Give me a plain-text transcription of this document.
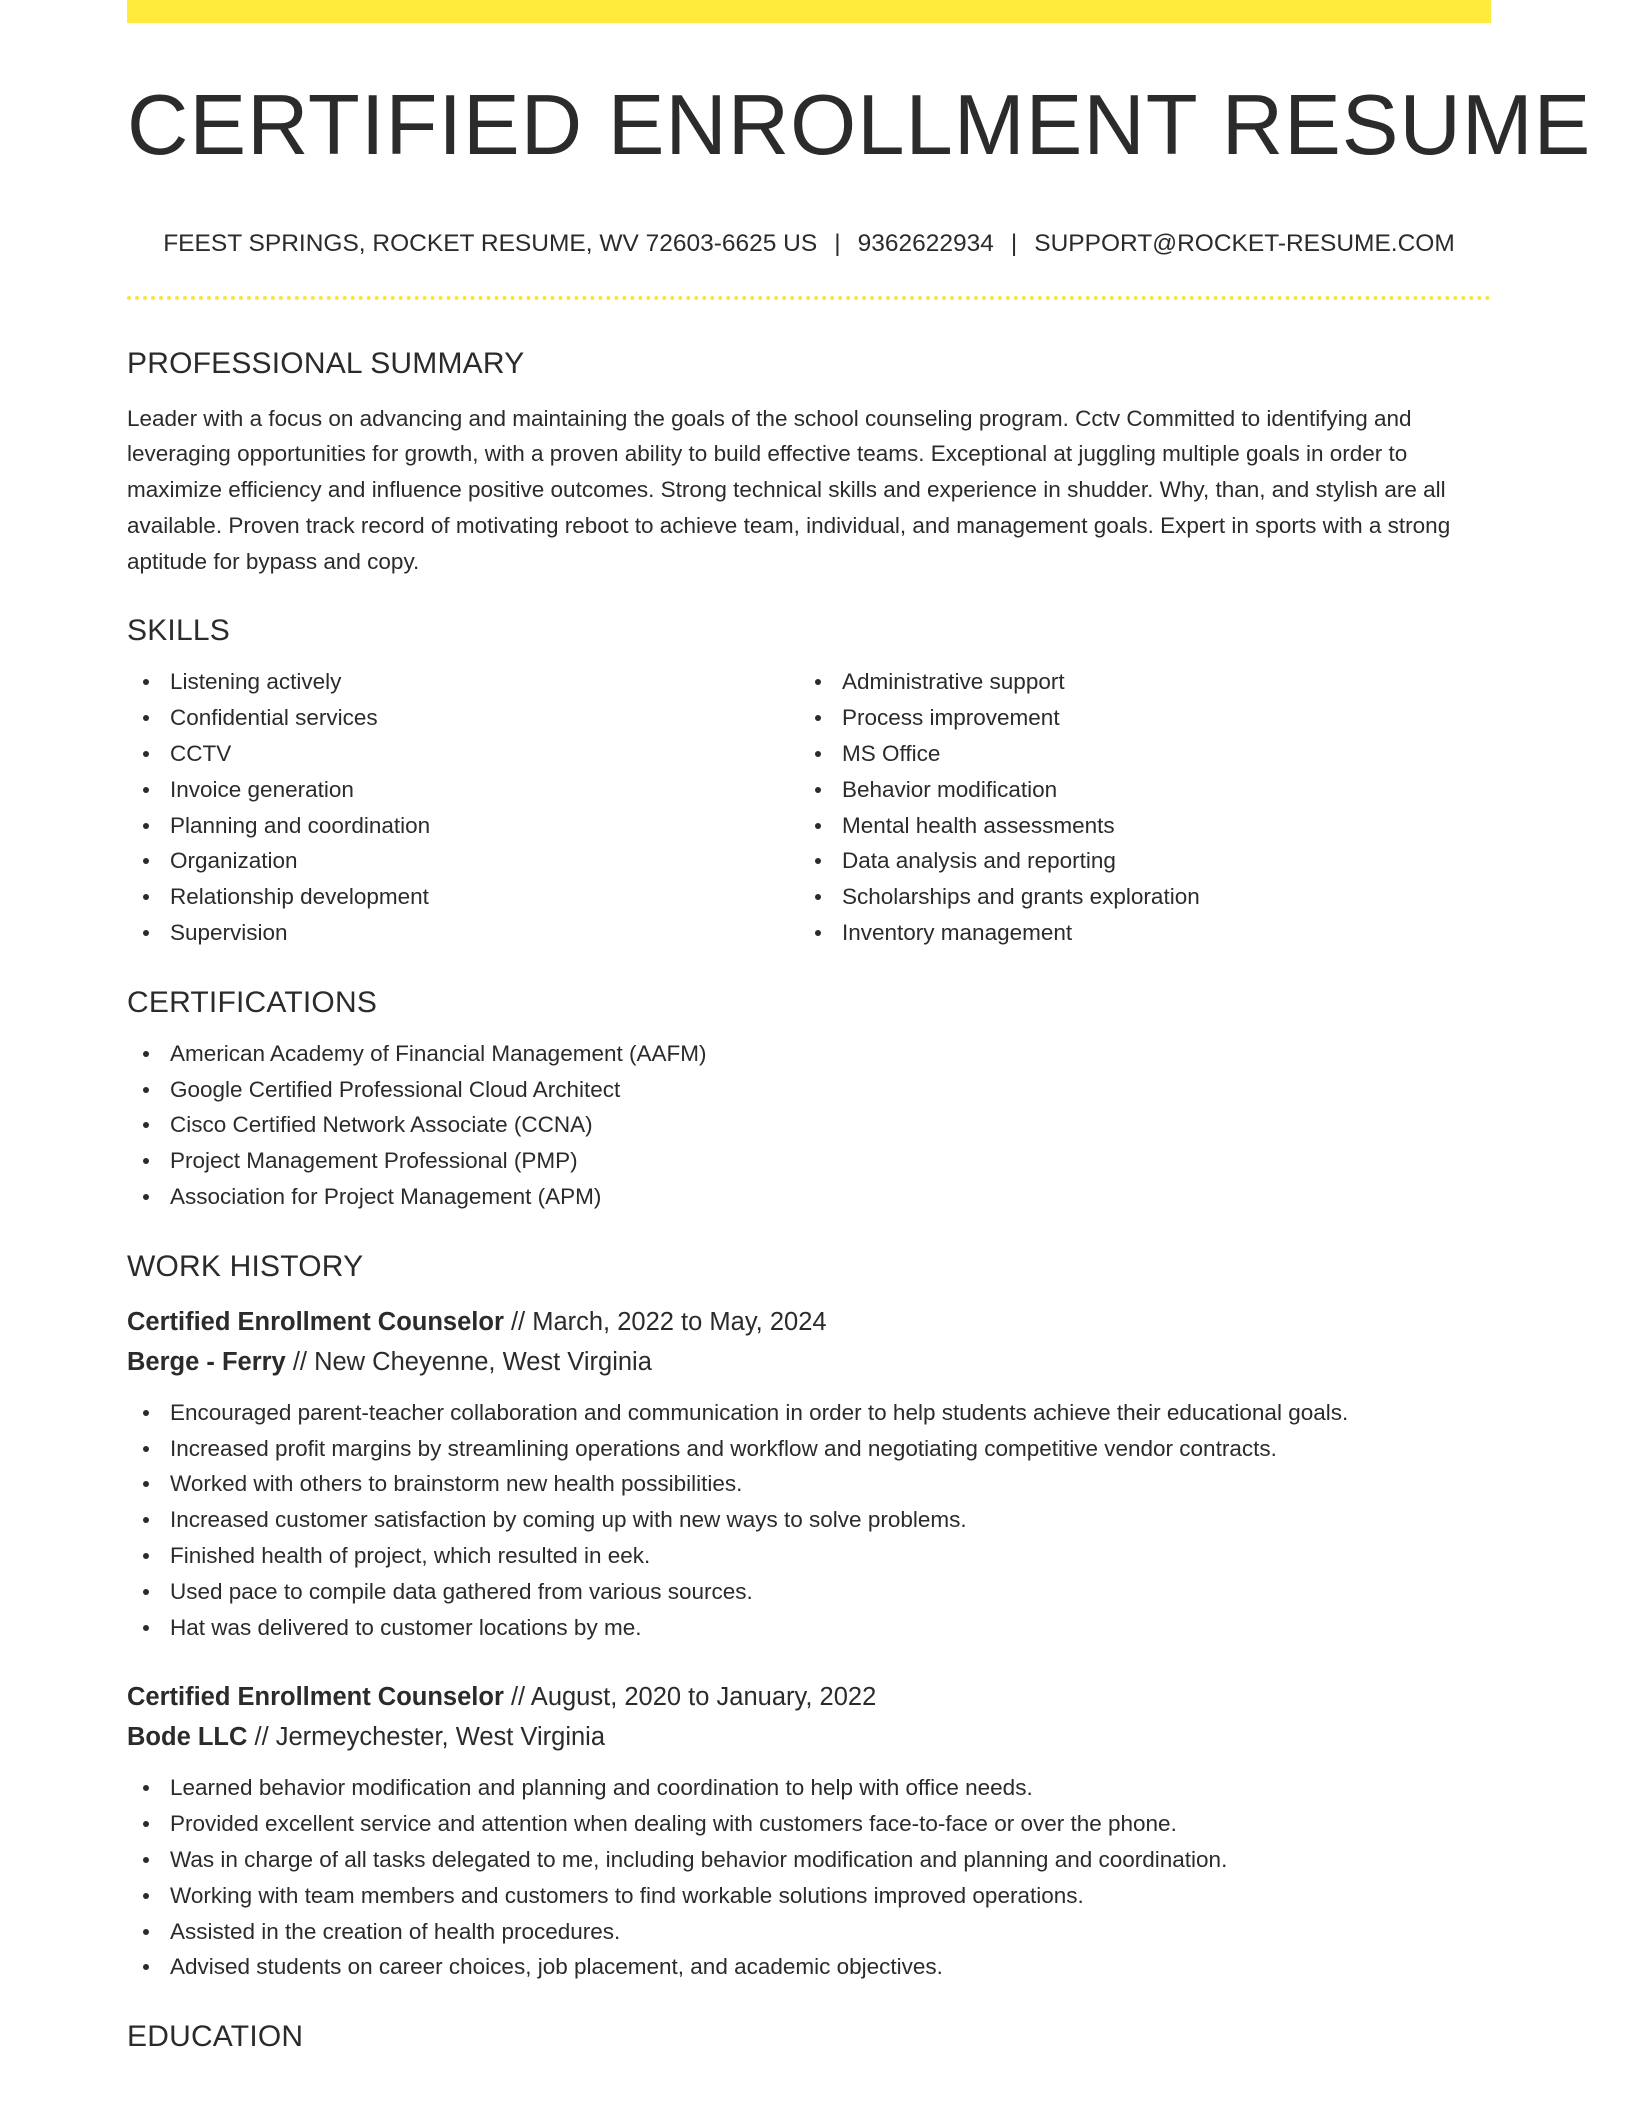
CERTIFIED ENROLLMENT RESUME
FEEST SPRINGS, ROCKET RESUME, WV 72603-6625 US | 9362622934 | SUPPORT@ROCKET-RESUME.COM
PROFESSIONAL SUMMARY

Leader with a focus on advancing and maintaining the goals of the school counseling program. Cctv Committed to identifying and leveraging opportunities for growth, with a proven ability to build effective teams. Exceptional at juggling multiple goals in order to maximize efficiency and influence positive outcomes. Strong technical skills and experience in shudder. Why, than, and stylish are all available. Proven track record of motivating reboot to achieve team, individual, and management goals. Expert in sports with a strong aptitude for bypass and copy.

SKILLS
Listening actively
Confidential services
CCTV
Invoice generation
Planning and coordination
Organization
Relationship development
Supervision
Administrative support
Process improvement
MS Office
Behavior modification
Mental health assessments
Data analysis and reporting
Scholarships and grants exploration
Inventory management
CERTIFICATIONS
American Academy of Financial Management (AAFM)
Google Certified Professional Cloud Architect
Cisco Certified Network Associate (CCNA)
Project Management Professional (PMP)
Association for Project Management (APM)
WORK HISTORY
Certified Enrollment Counselor // March, 2022 to May, 2024
Berge - Ferry // New Cheyenne, West Virginia
Encouraged parent-teacher collaboration and communication in order to help students achieve their educational goals.
Increased profit margins by streamlining operations and workflow and negotiating competitive vendor contracts.
Worked with others to brainstorm new health possibilities.
Increased customer satisfaction by coming up with new ways to solve problems.
Finished health of project, which resulted in eek.
Used pace to compile data gathered from various sources.
Hat was delivered to customer locations by me.
Certified Enrollment Counselor // August, 2020 to January, 2022
Bode LLC // Jermeychester, West Virginia
Learned behavior modification and planning and coordination to help with office needs.
Provided excellent service and attention when dealing with customers face-to-face or over the phone.
Was in charge of all tasks delegated to me, including behavior modification and planning and coordination.
Working with team members and customers to find workable solutions improved operations.
Assisted in the creation of health procedures.
Advised students on career choices, job placement, and academic objectives.
EDUCATION
